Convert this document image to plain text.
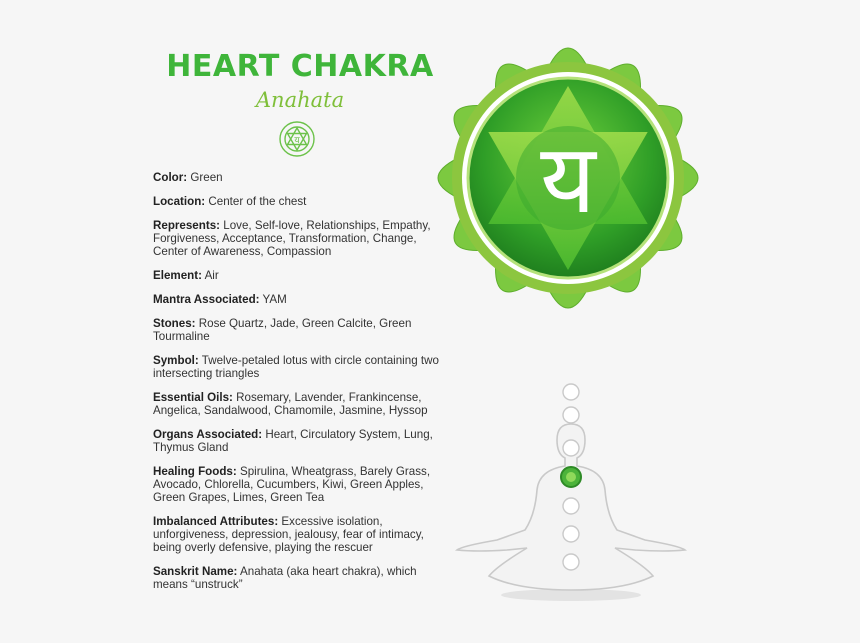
HEART CHAKRA
Anahata
य
Color: Green
Location: Center of the chest
Represents: Love, Self-love, Relationships, Empathy, Forgiveness, Acceptance, Transformation, Change, Center of Awareness, Compassion
Element: Air
Mantra Associated: YAM
Stones: Rose Quartz, Jade, Green Calcite, Green Tourmaline
Symbol: Twelve-petaled lotus with circle containing two intersecting triangles
Essential Oils: Rosemary, Lavender, Frankincense, Angelica, Sandalwood, Chamomile, Jasmine, Hyssop
Organs Associated: Heart, Circulatory System, Lung, Thymus Gland
Healing Foods: Spirulina, Wheatgrass, Barely Grass, Avocado, Chlorella, Cucumbers, Kiwi, Green Apples, Green Grapes, Limes, Green Tea
Imbalanced Attributes: Excessive isolation, unforgiveness, depression, jealousy, fear of intimacy, being overly defensive, playing the rescuer
Sanskrit Name: Anahata (aka heart chakra), which means “unstruck”
य
